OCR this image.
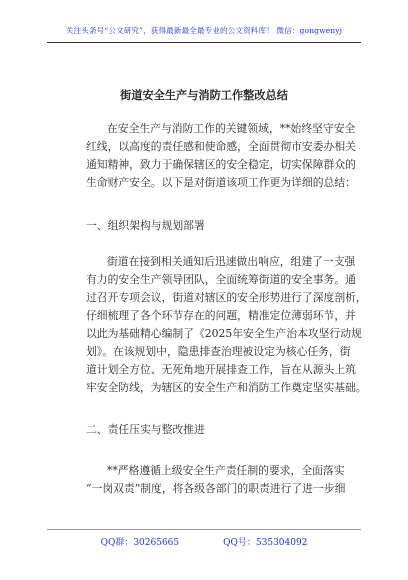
关注头条号“公文研究”，获得最新最全最专业的公文资料库！ 微信：gongwenyj
街道安全生产与消防工作整改总结
在安全生产与消防工作的关键领域，**始终坚守安全
红线，以高度的责任感和使命感，全面贯彻市安委办相关
通知精神，致力于确保辖区的安全稳定，切实保障群众的
生命财产安全。以下是对街道该项工作更为详细的总结：
一、组织架构与规划部署
街道在接到相关通知后迅速做出响应，组建了一支强
有力的安全生产领导团队，全面统筹街道的安全事务。通
过召开专项会议，街道对辖区的安全形势进行了深度剖析，
仔细梳理了各个环节存在的问题，精准定位薄弱环节，并
以此为基础精心编制了《2025年安全生产治本攻坚行动规
划》。在该规划中，隐患排查治理被设定为核心任务，街
道计划全方位、无死角地开展排查工作，旨在从源头上筑
牢安全防线，为辖区的安全生产和消防工作奠定坚实基础。
二、责任压实与整改推进
**严格遵循上级安全生产责任制的要求，全面落实
“一岗双责”制度，将各级各部门的职责进行了进一步细
QQ群：30265665	QQ号：535304092
